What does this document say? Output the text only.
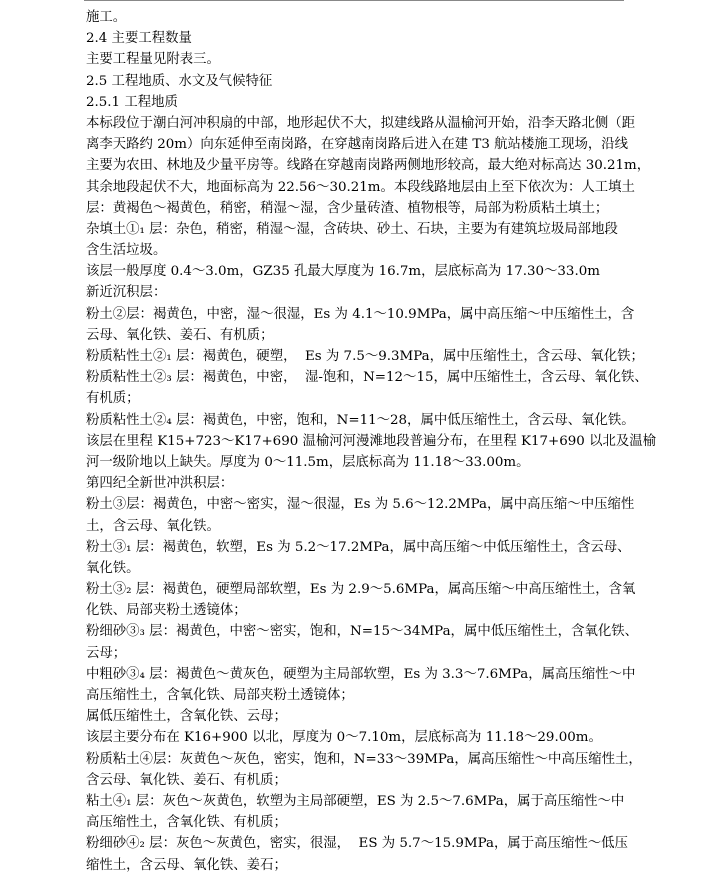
施工。
2.4 主要工程数量
主要工程量见附表三。
2.5 工程地质、水文及气候特征
2.5.1 工程地质
本标段位于潮白河冲积扇的中部，地形起伏不大，拟建线路从温榆河开始，沿李天路北侧（距
离李天路约 20m）向东延伸至南岗路，在穿越南岗路后进入在建 T3 航站楼施工现场，沿线
主要为农田、林地及少量平房等。线路在穿越南岗路两侧地形较高，最大绝对标高达 30.21m，
其余地段起伏不大，地面标高为 22.56～30.21m。本段线路地层由上至下依次为：人工填土
层：黄褐色～褐黄色，稍密，稍湿～湿，含少量砖渣、植物根等，局部为粉质粘土填土；
杂填土①₁ 层：杂色，稍密，稍湿～湿，含砖块、砂土、石块，主要为有建筑垃圾局部地段
含生活垃圾。
该层一般厚度 0.4～3.0m，GZ35 孔最大厚度为 16.7m，层底标高为 17.30～33.0m
新近沉积层：
粉土②层：褐黄色，中密，湿～很湿，Es 为 4.1～10.9MPa，属中高压缩～中压缩性土，含
云母、氧化铁、姜石、有机质；
粉质粘性土②₁ 层：褐黄色，硬塑，  Es 为 7.5～9.3MPa，属中压缩性土，含云母、氧化铁；
粉质粘性土②₃ 层：褐黄色，中密，  湿-饱和，N=12～15，属中压缩性土，含云母、氧化铁、
有机质；
粉质粘性土②₄ 层：褐黄色，中密，饱和，N=11～28，属中低压缩性土，含云母、氧化铁。
该层在里程 K15+723～K17+690 温榆河河漫滩地段普遍分布，在里程 K17+690 以北及温榆
河一级阶地以上缺失。厚度为 0～11.5m，层底标高为 11.18～33.00m。
第四纪全新世冲洪积层：
粉土③层：褐黄色，中密～密实，湿～很湿，Es 为 5.6～12.2MPa，属中高压缩～中压缩性
土，含云母、氧化铁。
粉土③₁ 层：褐黄色，软塑，Es 为 5.2～17.2MPa，属中高压缩～中低压缩性土，含云母、
氧化铁。
粉土③₂ 层：褐黄色，硬塑局部软塑，Es 为 2.9～5.6MPa，属高压缩～中高压缩性土，含氧
化铁、局部夹粉土透镜体；
粉细砂③₃ 层：褐黄色，中密～密实，饱和，N=15～34MPa，属中低压缩性土，含氧化铁、
云母；
中粗砂③₄ 层：褐黄色～黄灰色，硬塑为主局部软塑，Es 为 3.3～7.6MPa，属高压缩性～中
高压缩性土，含氧化铁、局部夹粉土透镜体；
属低压缩性土，含氧化铁、云母；
该层主要分布在 K16+900 以北，厚度为 0～7.10m，层底标高为 11.18～29.00m。
粉质粘土④层：灰黄色～灰色，密实，饱和，N=33～39MPa，属高压缩性～中高压缩性土，
含云母、氧化铁、姜石、有机质；
粘土④₁ 层：灰色～灰黄色，软塑为主局部硬塑，ES 为 2.5～7.6MPa，属于高压缩性～中
高压缩性土，含氧化铁、有机质；
粉细砂④₂ 层：灰色～灰黄色，密实，很湿，  ES 为 5.7～15.9MPa，属于高压缩性～低压
缩性土，含云母、氧化铁、姜石；
